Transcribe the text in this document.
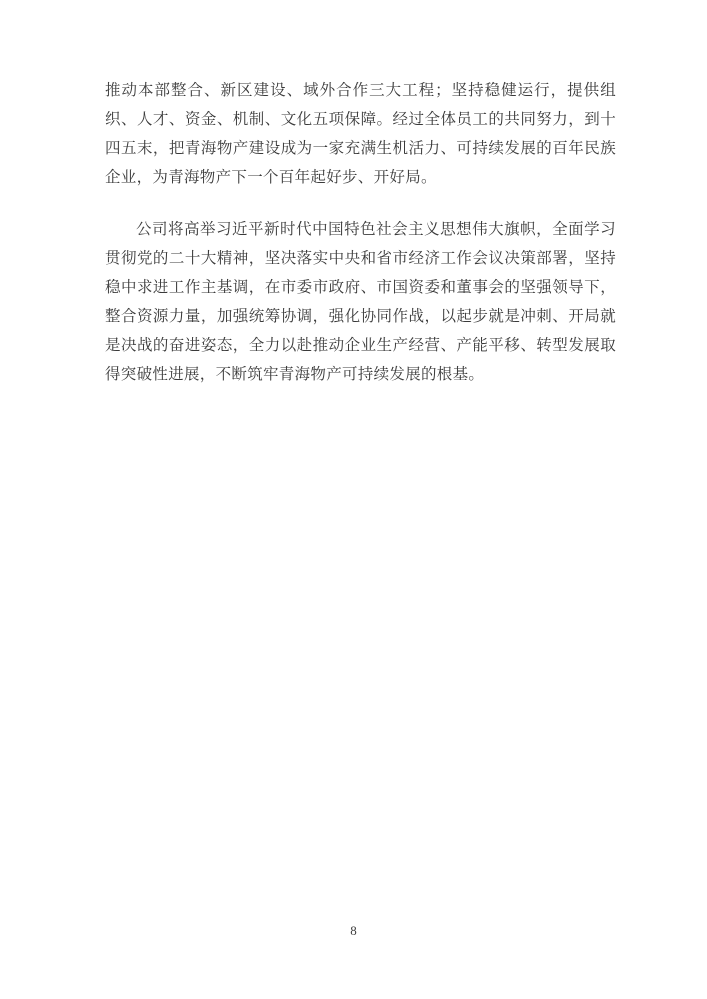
推动本部整合、新区建设、域外合作三大工程；坚持稳健运行，提供组织、人才、资金、机制、文化五项保障。经过全体员工的共同努力，到十四五末，把青海物产建设成为一家充满生机活力、可持续发展的百年民族企业，为青海物产下一个百年起好步、开好局。

公司将高举习近平新时代中国特色社会主义思想伟大旗帜，全面学习贯彻党的二十大精神，坚决落实中央和省市经济工作会议决策部署，坚持稳中求进工作主基调，在市委市政府、市国资委和董事会的坚强领导下，整合资源力量，加强统筹协调，强化协同作战，以起步就是冲刺、开局就是决战的奋进姿态，全力以赴推动企业生产经营、产能平移、转型发展取得突破性进展，不断筑牢青海物产可持续发展的根基。

8
